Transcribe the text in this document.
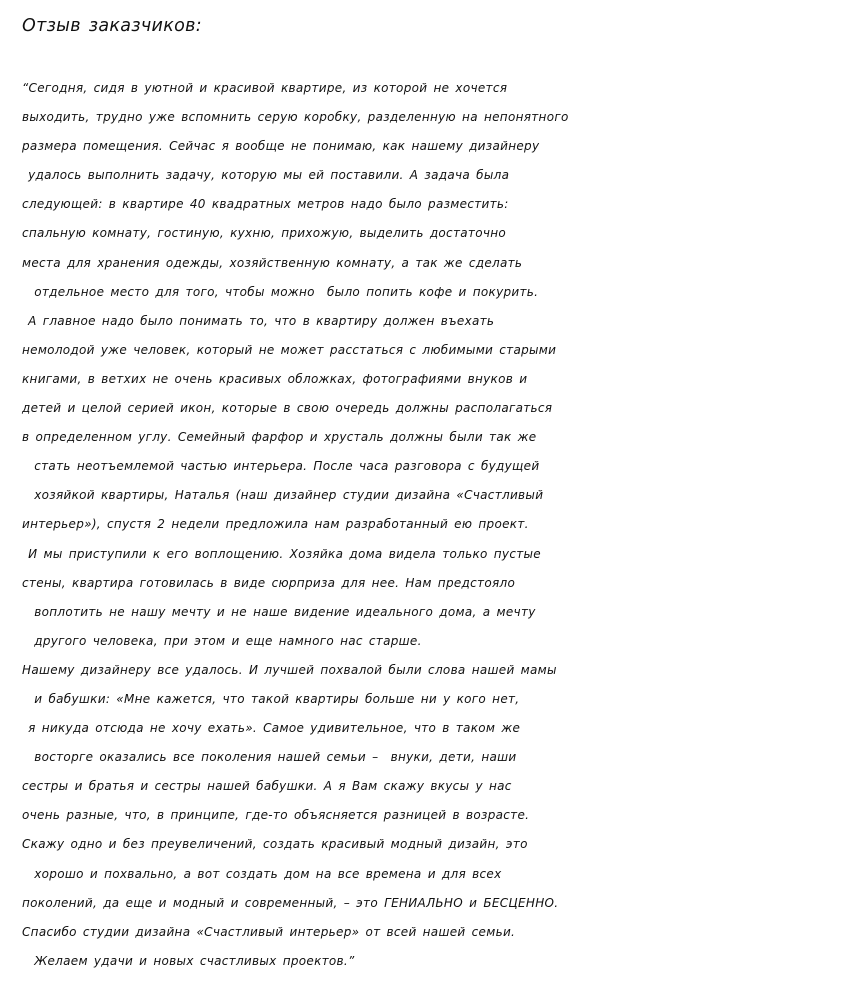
Отзыв заказчиков:
“Сегодня, сидя в уютной и красивой квартире, из которой не хочется
выходить, трудно уже вспомнить серую коробку, разделенную на непонятного
размера помещения. Сейчас я вообще не понимаю, как нашему дизайнеру
удалось выполнить задачу, которую мы ей поставили. А задача была
следующей: в квартире 40 квадратных метров надо было разместить:
спальную комнату, гостиную, кухню, прихожую, выделить достаточно
места для хранения одежды, хозяйственную комнату, а так же сделать
отдельное место для того, чтобы можно  было попить кофе и покурить.
А главное надо было понимать то, что в квартиру должен въехать
немолодой уже человек, который не может расстаться с любимыми старыми
книгами, в ветхих не очень красивых обложках, фотографиями внуков и
детей и целой серией икон, которые в свою очередь должны располагаться
в определенном углу. Семейный фарфор и хрусталь должны были так же
стать неотъемлемой частью интерьера. После часа разговора с будущей
хозяйкой квартиры, Наталья (наш дизайнер студии дизайна «Счастливый
интерьер»), спустя 2 недели предложила нам разработанный ею проект.
И мы приступили к его воплощению. Хозяйка дома видела только пустые
стены, квартира готовилась в виде сюрприза для нее. Нам предстояло
воплотить не нашу мечту и не наше видение идеального дома, а мечту
другого человека, при этом и еще намного нас старше.
Нашему дизайнеру все удалось. И лучшей похвалой были слова нашей мамы
и бабушки: «Мне кажется, что такой квартиры больше ни у кого нет,
я никуда отсюда не хочу ехать». Самое удивительное, что в таком же
восторге оказались все поколения нашей семьи –  внуки, дети, наши
сестры и братья и сестры нашей бабушки. А я Вам скажу вкусы у нас
очень разные, что, в принципе, где-то объясняется разницей в возрасте.
Скажу одно и без преувеличений, создать красивый модный дизайн, это
хорошо и похвально, а вот создать дом на все времена и для всех
поколений, да еще и модный и современный, – это ГЕНИАЛЬНО и БЕСЦЕННО.
Спасибо студии дизайна «Счастливый интерьер» от всей нашей семьи.
Желаем удачи и новых счастливых проектов.”
